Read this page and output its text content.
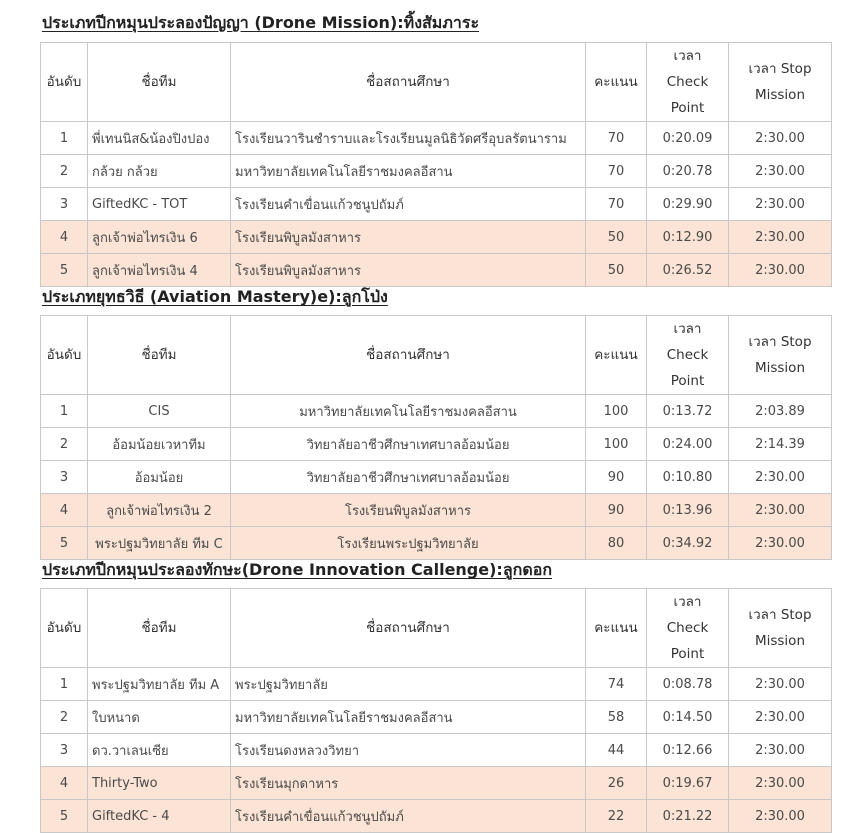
ประเภทปีกหมุนประลองปัญญา (Drone Mission):ทิ้งสัมภาระ
อันดับ	ชื่อทีม	ชื่อสถานศึกษา	คะแนน	เวลา Check Point	เวลา Stop Mission
1	พี่เทนนิส&น้องปิงปอง	โรงเรียนวารินชำราบและโรงเรียนมูลนิธิวัดศรีอุบลรัตนาราม	70	0:20.09	2:30.00
2	กล้วย กล้วย	มหาวิทยาลัยเทคโนโลยีราชมงคลอีสาน	70	0:20.78	2:30.00
3	GiftedKC - TOT	โรงเรียนคำเขื่อนแก้วชนูปถัมภ์	70	0:29.90	2:30.00
4	ลูกเจ้าพ่อไทรเงิน 6	โรงเรียนพิบูลมังสาหาร	50	0:12.90	2:30.00
5	ลูกเจ้าพ่อไทรเงิน 4	โรงเรียนพิบูลมังสาหาร	50	0:26.52	2:30.00
ประเภทยุทธวิธี (Aviation Mastery)e):ลูกโป่ง
อันดับ	ชื่อทีม	ชื่อสถานศึกษา	คะแนน	เวลา Check Point	เวลา Stop Mission
1	CIS	มหาวิทยาลัยเทคโนโลยีราชมงคลอีสาน	100	0:13.72	2:03.89
2	อ้อมน้อยเวหาทีม	วิทยาลัยอาชีวศึกษาเทศบาลอ้อมน้อย	100	0:24.00	2:14.39
3	อ้อมน้อย	วิทยาลัยอาชีวศึกษาเทศบาลอ้อมน้อย	90	0:10.80	2:30.00
4	ลูกเจ้าพ่อไทรเงิน 2	โรงเรียนพิบูลมังสาหาร	90	0:13.96	2:30.00
5	พระปฐมวิทยาลัย ทีม C	โรงเรียนพระปฐมวิทยาลัย	80	0:34.92	2:30.00
ประเภทปีกหมุนประลองทักษะ(Drone Innovation Callenge):ลูกดอก
อันดับ	ชื่อทีม	ชื่อสถานศึกษา	คะแนน	เวลา Check Point	เวลา Stop Mission
1	พระปฐมวิทยาลัย ทีม A	พระปฐมวิทยาลัย	74	0:08.78	2:30.00
2	ใบหนาด	มหาวิทยาลัยเทคโนโลยีราชมงคลอีสาน	58	0:14.50	2:30.00
3	ดว.วาเลนเซีย	โรงเรียนดงหลวงวิทยา	44	0:12.66	2:30.00
4	Thirty-Two	โรงเรียนมุกดาหาร	26	0:19.67	2:30.00
5	GiftedKC - 4	โรงเรียนคำเขื่อนแก้วชนูปถัมภ์	22	0:21.22	2:30.00
